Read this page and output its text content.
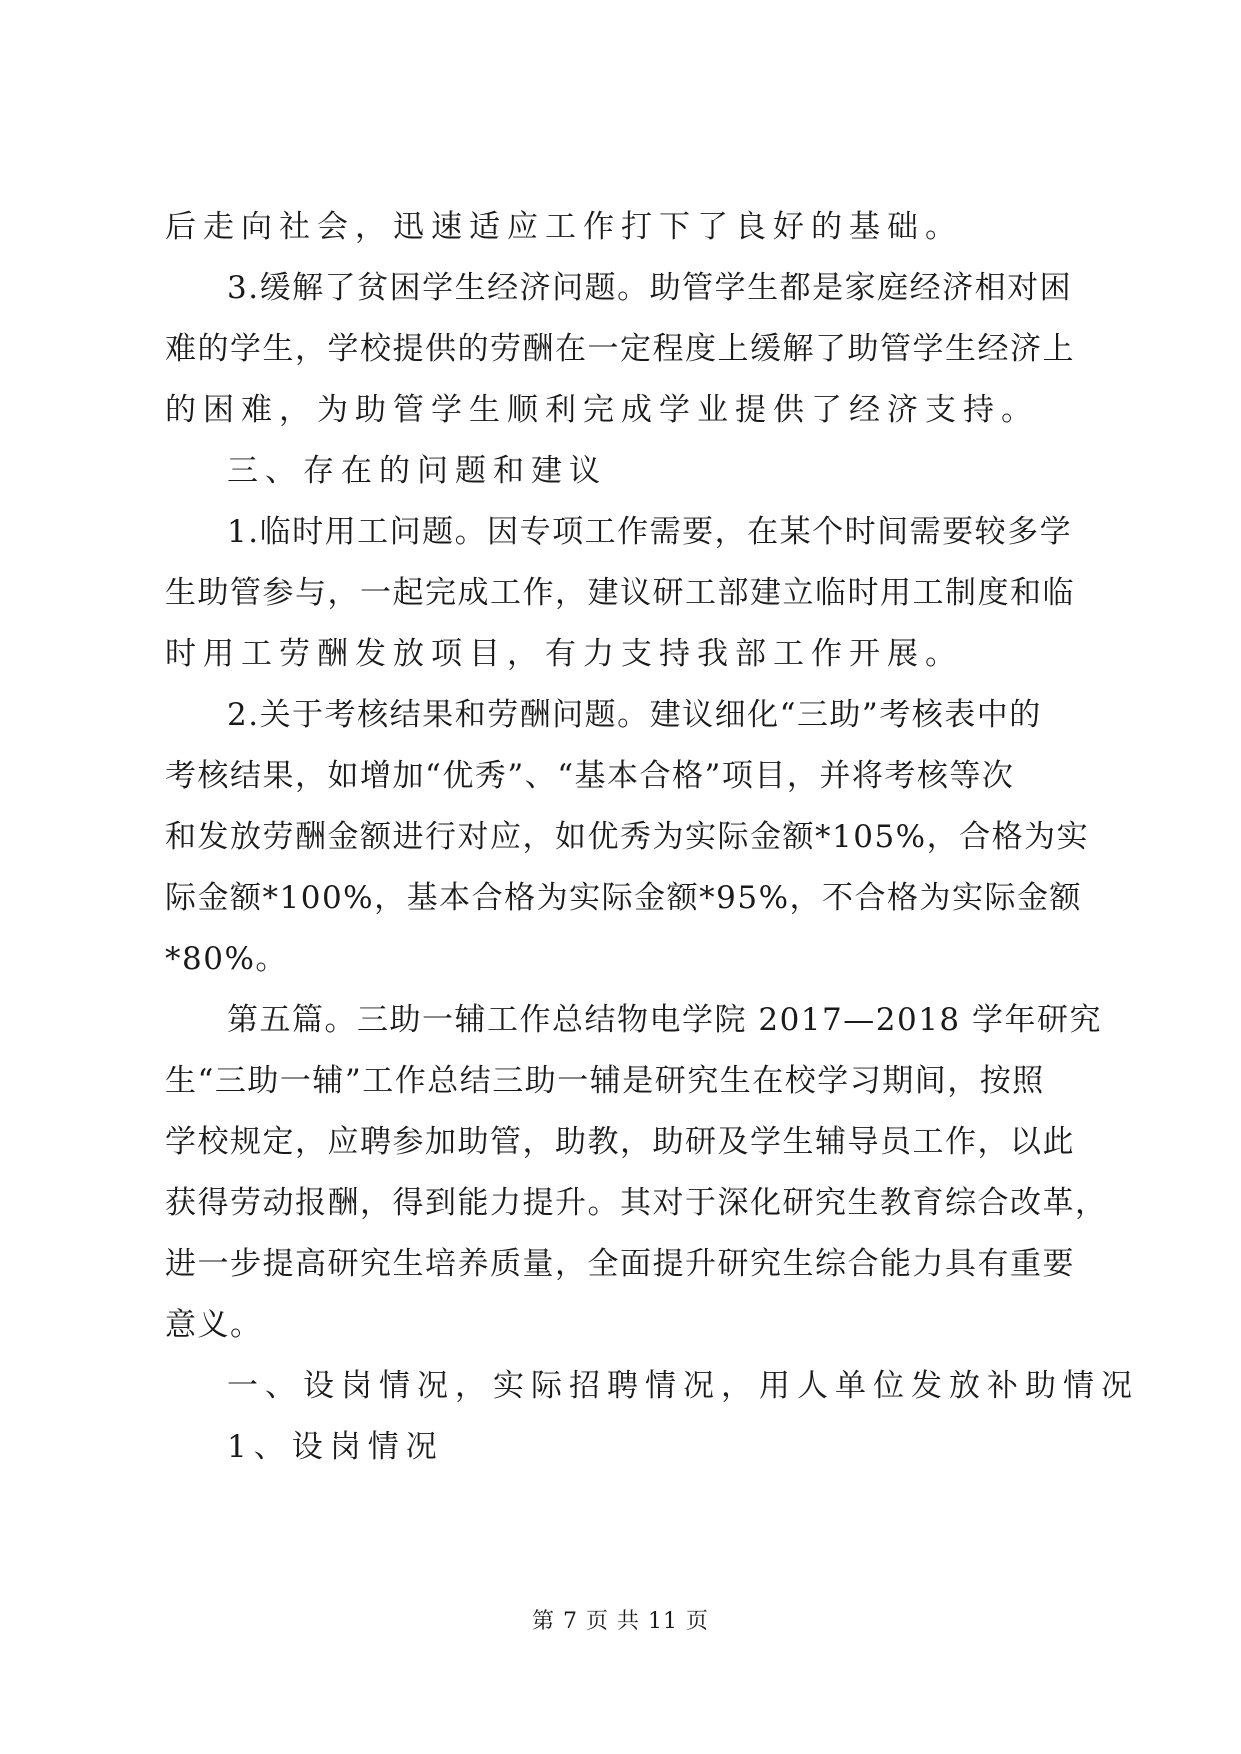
后走向社会，迅速适应工作打下了良好的基础。
3.缓解了贫困学生经济问题。助管学生都是家庭经济相对困
难的学生，学校提供的劳酬在一定程度上缓解了助管学生经济上
的困难，为助管学生顺利完成学业提供了经济支持。
三、存在的问题和建议
1.临时用工问题。因专项工作需要，在某个时间需要较多学
生助管参与，一起完成工作，建议研工部建立临时用工制度和临
时用工劳酬发放项目，有力支持我部工作开展。
2.关于考核结果和劳酬问题。建议细化“三助”考核表中的
考核结果，如增加“优秀”、“基本合格”项目，并将考核等次
和发放劳酬金额进行对应，如优秀为实际金额*105%，合格为实
际金额*100%，基本合格为实际金额*95%，不合格为实际金额
*80%。
第五篇。三助一辅工作总结物电学院 2017—2018 学年研究
生“三助一辅”工作总结三助一辅是研究生在校学习期间，按照
学校规定，应聘参加助管，助教，助研及学生辅导员工作，以此
获得劳动报酬，得到能力提升。其对于深化研究生教育综合改革，
进一步提高研究生培养质量，全面提升研究生综合能力具有重要
意义。
一、设岗情况，实际招聘情况，用人单位发放补助情况
1、设岗情况
第 7 页 共 11 页
